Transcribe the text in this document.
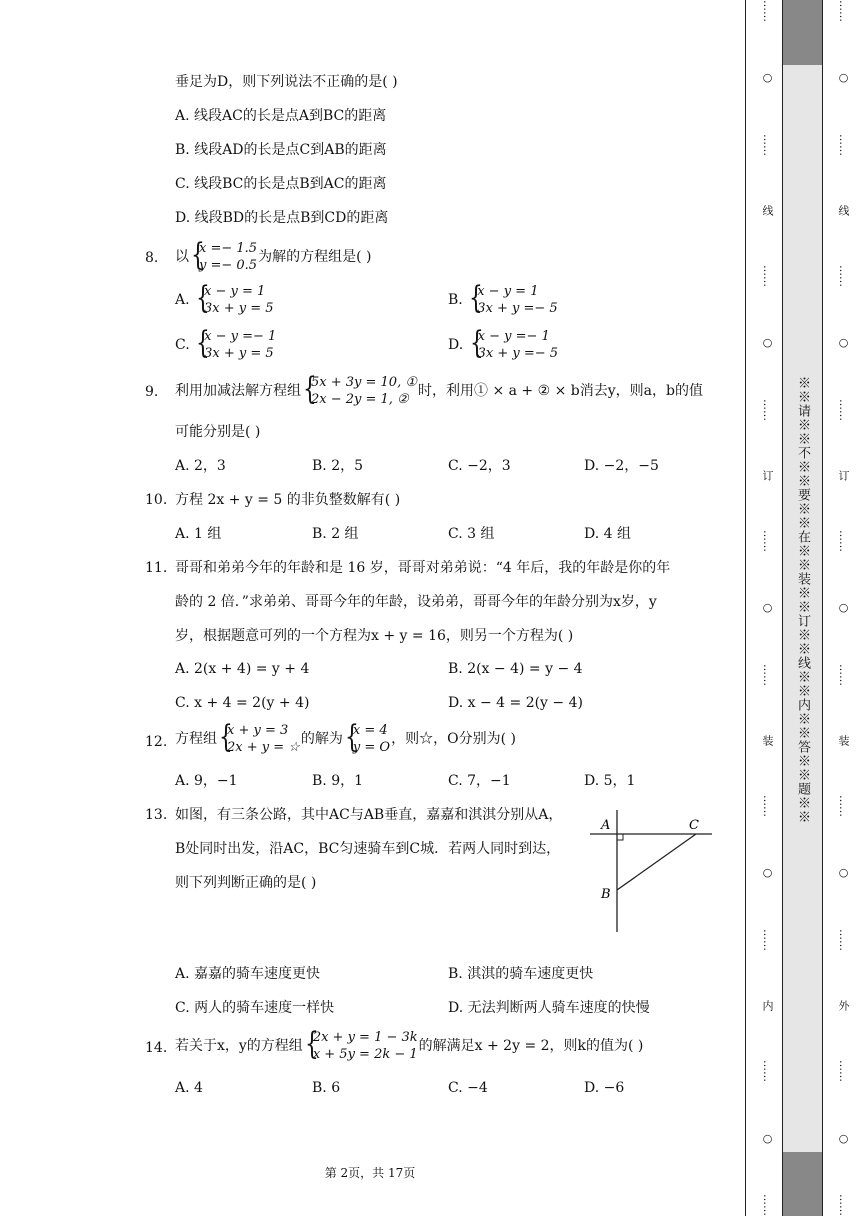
垂足为D，则下列说法不正确的是( )
A. 线段AC的长是点A到BC的距离
B. 线段AD的长是点C到AB的距离
C. 线段BC的长是点B到AC的距离
D. 线段BD的长是点B到CD的距离
8. 以
{ x =− 1.5
y =− 0.5
为解的方程组是( )
A.
{ x − y = 1
3x + y = 5
B.
{ x − y = 1
3x + y =− 5
C.
{ x − y =− 1
3x + y = 5
D.
{ x − y =− 1
3x + y =− 5
9. 利用加减法解方程组
{ 5x + 3y = 10, ①
2x − 2y = 1, ②
时，利用① × a + ② × b消去y，则a，b的值
可能分别是( )
A. 2，3	B. 2，5	C. −2，3	D. −2，−5
10. 方程 2x + y = 5 的非负整数解有( )
A. 1 组	B. 2 组	C. 3 组	D. 4 组
11. 哥哥和弟弟今年的年龄和是 16 岁，哥哥对弟弟说：“4 年后，我的年龄是你的年
龄的 2 倍．”求弟弟、哥哥今年的年龄，设弟弟，哥哥今年的年龄分别为x岁，y
岁，根据题意可列的一个方程为x + y = 16，则另一个方程为( )
A. 2(x + 4) = y + 4	B. 2(x − 4) = y − 4
C. x + 4 = 2(y + 4)	D. x − 4 = 2(y − 4)
12. 方程组
{ x + y = 3
2x + y = ☆
的解为
{ x = 4
y = O
，则☆，O分别为( )
A. 9，−1	B. 9，1	C. 7，−1	D. 5，1
13. 如图，有三条公路，其中AC与AB垂直，嘉嘉和淇淇分别从A，
B处同时出发，沿AC，BC匀速骑车到C城．若两人同时到达，
则下列判断正确的是( )
A
B
C
A. 嘉嘉的骑车速度更快	B. 淇淇的骑车速度更快
C. 两人的骑车速度一样快	D. 无法判断两人骑车速度的快慢
14. 若关于x，y的方程组
{ 2x + y = 1 − 3k
x + 5y = 2k − 1
的解满足x + 2y = 2，则k的值为( )
A. 4	B. 6	C. −4	D. −6
第 2页，共 17页
……
○
……
线
……
○
……
订
……
○
……
装
……
○
……
内
……
○
……
※※请※※不※※要※※在※※装※※订※※线※※内※※答※※题※※
……
○
……
线
……
○
……
订
……
○
……
装
……
○
……
外
……
○
……
